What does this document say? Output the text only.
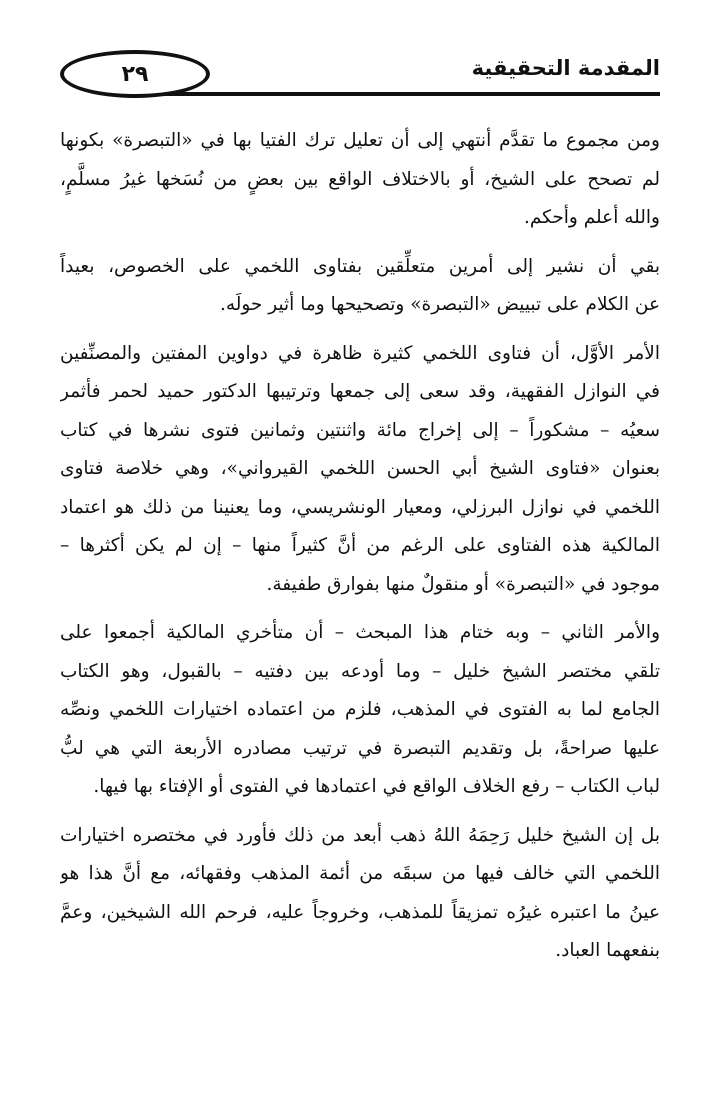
٢٩	المقدمة التحقيقية
ومن مجموع ما تقدَّم أنتهي إلى أن تعليل ترك الفتيا بها في «التبصرة» بكونها
لم تصحح على الشيخ، أو بالاختلاف الواقع بين بعضٍ من نُسَخها غيرُ مسلَّمٍ،
والله أعلم وأحكم.
بقي أن نشير إلى أمرين متعلِّقين بفتاوى اللخمي على الخصوص، بعيداً
عن الكلام على تبييض «التبصرة» وتصحيحها وما أثير حولَه.
الأمر الأوَّل، أن فتاوى اللخمي كثيرة ظاهرة في دواوين المفتين والمصنِّفين
في النوازل الفقهية، وقد سعى إلى جمعها وترتيبها الدكتور حميد لحمر فأثمر
سعيُه – مشكوراً – إلى إخراج مائة واثنتين وثمانين فتوى نشرها في كتاب
بعنوان «فتاوى الشيخ أبي الحسن اللخمي القيرواني»، وهي خلاصة فتاوى
اللخمي في نوازل البرزلي، ومعيار الونشريسي، وما يعنينا من ذلك هو اعتماد
المالكية هذه الفتاوى على الرغم من أنَّ كثيراً منها – إن لم يكن أكثرها –
موجود في «التبصرة» أو منقولٌ منها بفوارق طفيفة.
والأمر الثاني – وبه ختام هذا المبحث – أن متأخري المالكية أجمعوا على
تلقي مختصر الشيخ خليل – وما أودعه بين دفتيه – بالقبول، وهو الكتاب
الجامع لما به الفتوى في المذهب، فلزم من اعتماده اختيارات اللخمي ونصِّه
عليها صراحةً، بل وتقديم التبصرة في ترتيب مصادره الأربعة التي هي لبُّ
لباب الكتاب – رفع الخلاف الواقع في اعتمادها في الفتوى أو الإفتاء بها فيها.
بل إن الشيخ خليل رَحِمَهُ اللهُ ذهب أبعد من ذلك فأورد في مختصره اختيارات
اللخمي التي خالف فيها من سبقَه من أئمة المذهب وفقهائه، مع أنَّ هذا هو
عينُ ما اعتبره غيرُه تمزيقاً للمذهب، وخروجاً عليه، فرحم الله الشيخين، وعمَّ
بنفعهما العباد.
